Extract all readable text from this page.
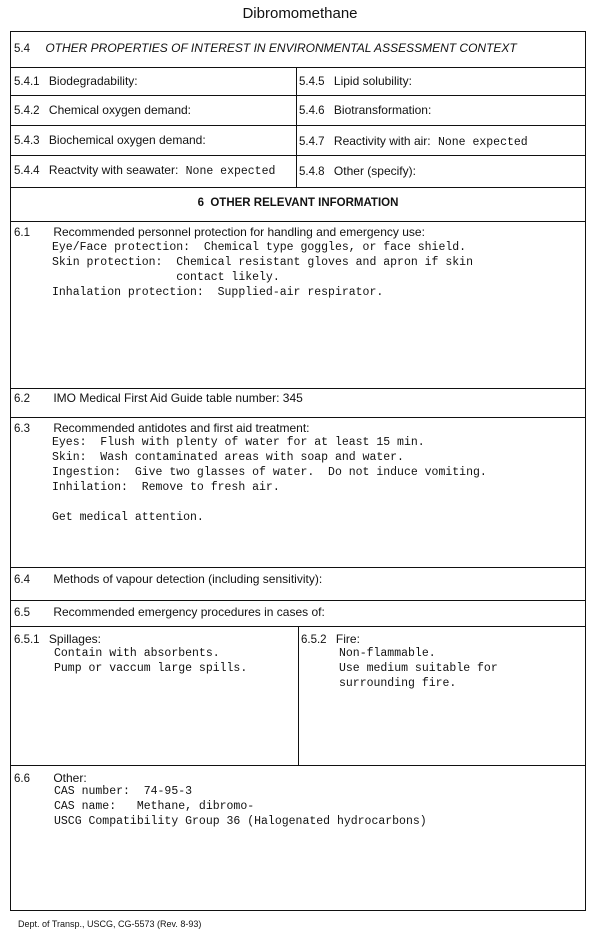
Dibromomethane
5.4 OTHER PROPERTIES OF INTEREST IN ENVIRONMENTAL ASSESSMENT CONTEXT
5.4.1 Biodegradability:	5.4.5 Lipid solubility:
5.4.2 Chemical oxygen demand:	5.4.6 Biotransformation:
5.4.3 Biochemical oxygen demand:	5.4.7 Reactivity with air: None expected
5.4.4 Reactvity with seawater: None expected 5.4.8 Other (specify):
6  OTHER RELEVANT INFORMATION
6.1 Recommended personnel protection for handling and emergency use:
Eye/Face protection:  Chemical type goggles, or face shield.
Skin protection:  Chemical resistant gloves and apron if skin
contact likely.
Inhalation protection:  Supplied-air respirator.
6.2 IMO Medical First Aid Guide table number: 345
6.3 Recommended antidotes and first aid treatment:
Eyes:  Flush with plenty of water for at least 15 min.
Skin:  Wash contaminated areas with soap and water.
Ingestion:  Give two glasses of water.  Do not induce vomiting.
Inhilation:  Remove to fresh air.

Get medical attention.
6.4 Methods of vapour detection (including sensitivity):
6.5 Recommended emergency procedures in cases of:
6.5.1 Spillages:
Contain with absorbents.
Pump or vaccum large spills.
6.5.2 Fire:
Non-flammable.
Use medium suitable for
surrounding fire.
6.6 Other:
CAS number:  74-95-3
CAS name:   Methane, dibromo-
USCG Compatibility Group 36 (Halogenated hydrocarbons)
Dept. of Transp., USCG, CG-5573 (Rev. 8-93)
